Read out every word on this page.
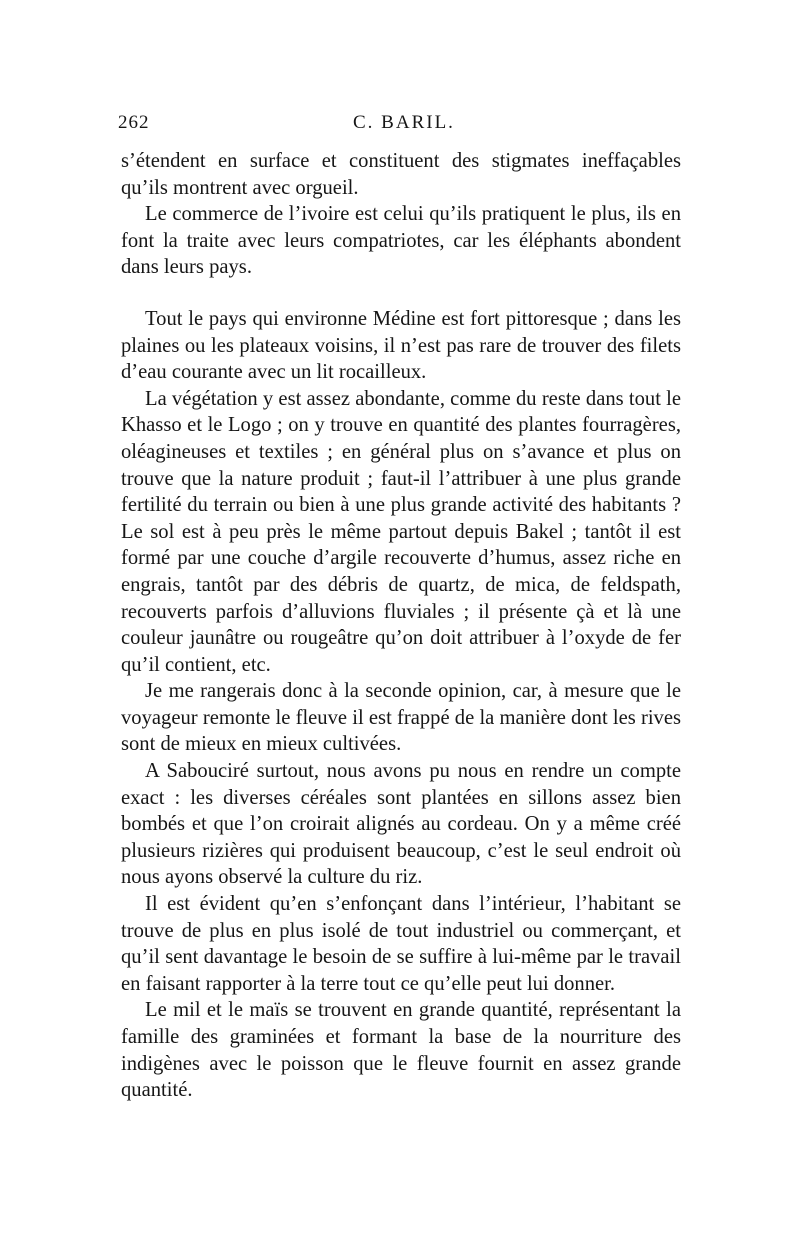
262	C. BARIL.

s’étendent en surface et constituent des stigmates ineffaçables qu’ils montrent avec orgueil.

Le commerce de l’ivoire est celui qu’ils pratiquent le plus, ils en font la traite avec leurs compatriotes, car les éléphants abondent dans leurs pays.

Tout le pays qui environne Médine est fort pittoresque ; dans les plaines ou les plateaux voisins, il n’est pas rare de trouver des filets d’eau courante avec un lit rocailleux.

La végétation y est assez abondante, comme du reste dans tout le Khasso et le Logo ; on y trouve en quantité des plantes fourragères, oléagineuses et textiles ; en général plus on s’avance et plus on trouve que la nature produit ; faut-il l’attribuer à une plus grande fertilité du terrain ou bien à une plus grande activité des habitants ? Le sol est à peu près le même partout depuis Bakel ; tantôt il est formé par une couche d’argile recouverte d’humus, assez riche en engrais, tantôt par des débris de quartz, de mica, de feldspath, recouverts parfois d’alluvions fluviales ; il présente çà et là une couleur jaunâtre ou rougeâtre qu’on doit attribuer à l’oxyde de fer qu’il contient, etc.

Je me rangerais donc à la seconde opinion, car, à mesure que le voyageur remonte le fleuve il est frappé de la manière dont les rives sont de mieux en mieux cultivées.

A Sabouciré surtout, nous avons pu nous en rendre un compte exact : les diverses céréales sont plantées en sillons assez bien bombés et que l’on croirait alignés au cordeau. On y a même créé plusieurs rizières qui produisent beaucoup, c’est le seul endroit où nous ayons observé la culture du riz.

Il est évident qu’en s’enfonçant dans l’intérieur, l’habitant se trouve de plus en plus isolé de tout industriel ou commerçant, et qu’il sent davantage le besoin de se suffire à lui-même par le travail en faisant rapporter à la terre tout ce qu’elle peut lui donner.

Le mil et le maïs se trouvent en grande quantité, représentant la famille des graminées et formant la base de la nourriture des indigènes avec le poisson que le fleuve fournit en assez grande quantité.
